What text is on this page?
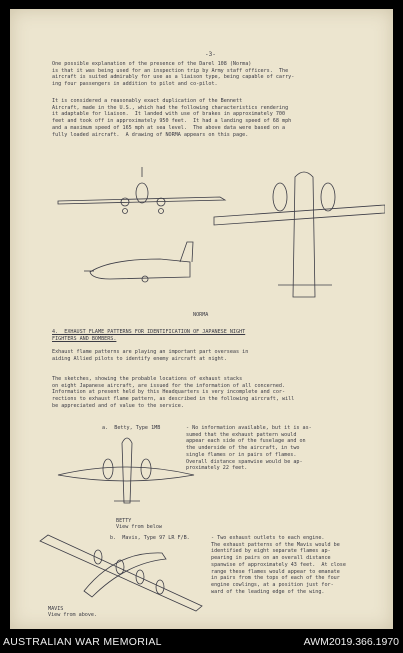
-3-
One possible explanation of the presence of the Darel 108 (Norma)
is that it was being used for an inspection trip by Army staff officers.  The
aircraft is suited admirably for use as a liaison type, being capable of carry-
ing four passengers in addition to pilot and co-pilot.
It is considered a reasonably exact duplication of the Bennett
Aircraft, made in the U.S., which had the following characteristics rendering
it adaptable for liaison.  It landed with use of brakes in approximately 700
feet and took off in approximately 950 feet.  It had a landing speed of 68 mph
and a maximum speed of 165 mph at sea level.  The above data were based on a
fully loaded aircraft.  A drawing of NORMA appears on this page.
NORMA
4.  EXHAUST FLAME PATTERNS FOR IDENTIFICATION OF JAPANESE NIGHT
FIGHTERS AND BOMBERS.
Exhaust flame patterns are playing an important part overseas in
aiding Allied pilots to identify enemy aircraft at night.
The sketches, showing the probable locations of exhaust stacks
on eight Japanese aircraft, are issued for the information of all concerned.
Information at present held by this Headquarters is very incomplete and cor-
rections to exhaust flame pattern, as described in the following aircraft, will
be appreciated and of value to the service.
a.  Betty, Type 1MB	- No information available, but it is as-
sumed that the exhaust pattern would
appear each side of the fuselage and on
the underside of the aircraft, in two
single flames or in pairs of flames.
Overall distance spanwise would be ap-
proximately 22 feet.
BETTY
View from below
b.  Mavis, Type 97 LR F/B.	- Two exhaust outlets to each engine.
The exhaust patterns of the Mavis would be
identified by eight separate flames ap-
pearing in pairs on an overall distance
spanwise of approximately 43 feet.  At close
range these flames would appear to emanate
in pairs from the tops of each of the four
engine cowlings, at a position just for-
ward of the leading edge of the wing.
MAVIS
View from above.
AUSTRALIAN WAR MEMORIAL	AWM2019.366.1970
